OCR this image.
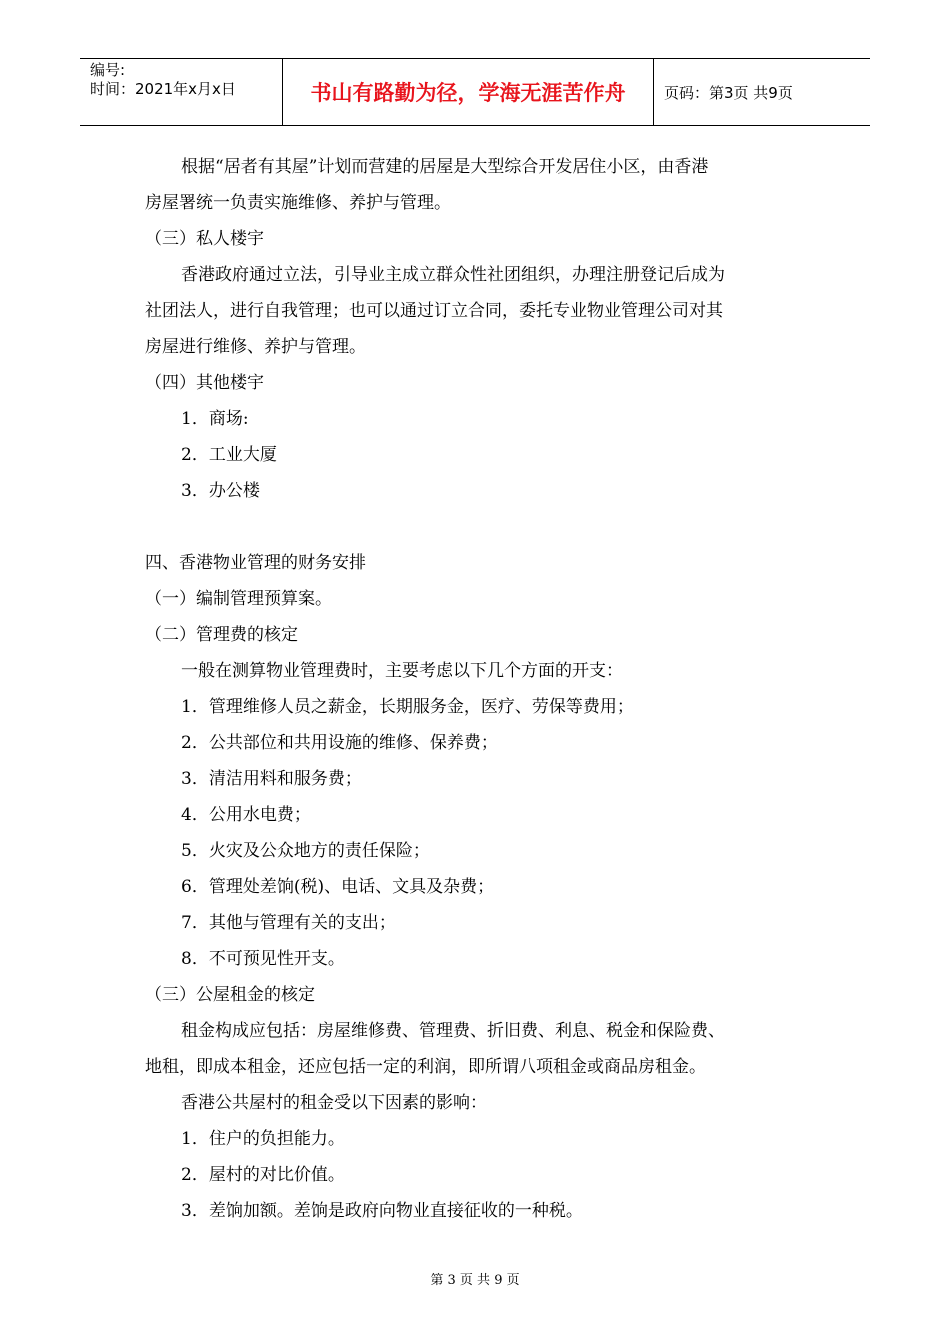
编号:
时间：2021年x月x日	书山有路勤为径，学海无涯苦作舟	页码：第3页 共9页
根据“居者有其屋”计划而营建的居屋是大型综合开发居住小区，由香港
房屋署统一负责实施维修、养护与管理。
（三）私人楼宇
香港政府通过立法，引导业主成立群众性社团组织，办理注册登记后成为
社团法人，进行自我管理；也可以通过订立合同，委托专业物业管理公司对其
房屋进行维修、养护与管理。
（四）其他楼宇
1．商场:
2．工业大厦
3．办公楼
四、香港物业管理的财务安排
（一）编制管理预算案。
（二）管理费的核定
一般在测算物业管理费时，主要考虑以下几个方面的开支：
1．管理维修人员之薪金，长期服务金，医疗、劳保等费用；
2．公共部位和共用设施的维修、保养费；
3．清洁用料和服务费；
4．公用水电费；
5．火灾及公众地方的责任保险；
6．管理处差饷(税)、电话、文具及杂费；
7．其他与管理有关的支出；
8．不可预见性开支。
（三）公屋租金的核定
租金构成应包括：房屋维修费、管理费、折旧费、利息、税金和保险费、
地租，即成本租金，还应包括一定的利润，即所谓八项租金或商品房租金。
香港公共屋村的租金受以下因素的影响：
1．住户的负担能力。
2．屋村的对比价值。
3．差饷加额。差饷是政府向物业直接征收的一种税。
第 3 页 共 9 页
